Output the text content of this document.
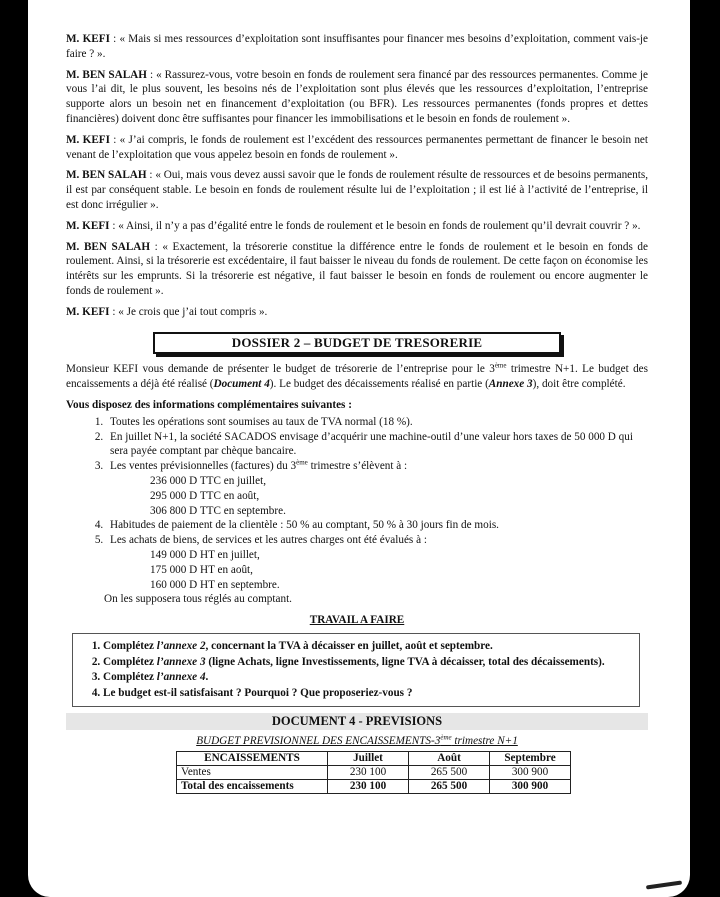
M. KEFI : « Mais si mes ressources d’exploitation sont insuffisantes pour financer mes besoins d’exploitation, comment vais-je faire ? ».

M. BEN SALAH : « Rassurez-vous, votre besoin en fonds de roulement sera financé par des ressources permanentes. Comme je vous l’ai dit, le plus souvent, les besoins nés de l’exploitation sont plus élevés que les ressources d’exploitation, l’entreprise supporte alors un besoin net en financement d’exploitation (ou BFR). Les ressources permanentes (fonds propres et dettes financières) doivent donc être suffisantes pour financer les immobilisations et le besoin en fonds de roulement ».

M. KEFI : « J’ai compris, le fonds de roulement est l’excédent des ressources permanentes permettant de financer le besoin net venant de l’exploitation que vous appelez besoin en fonds de roulement ».

M. BEN SALAH : « Oui, mais vous devez aussi savoir que le fonds de roulement résulte de ressources et de besoins permanents, il est par conséquent stable. Le besoin en fonds de roulement résulte lui de l’exploitation ; il est lié à l’activité de l’entreprise, il est donc irrégulier ».

M. KEFI : « Ainsi, il n’y a pas d’égalité entre le fonds de roulement et le besoin en fonds de roulement qu’il devrait couvrir ? ».

M. BEN SALAH : « Exactement, la trésorerie constitue la différence entre le fonds de roulement et le besoin en fonds de roulement. Ainsi, si la trésorerie est excédentaire, il faut baisser le niveau du fonds de roulement. De cette façon on économise les intérêts sur les emprunts. Si la trésorerie est négative, il faut baisser le besoin en fonds de roulement ou encore augmenter le fonds de roulement ».

M. KEFI : « Je crois que j’ai tout compris ».

DOSSIER 2 – BUDGET DE TRESORERIE

Monsieur KEFI vous demande de présenter le budget de trésorerie de l’entreprise pour le 3ème trimestre N+1. Le budget des encaissements a déjà été réalisé (Document 4). Le budget des décaissements réalisé en partie (Annexe 3), doit être complété.

Vous disposez des informations complémentaires suivantes :
1. Toutes les opérations sont soumises au taux de TVA normal (18 %).
2. En juillet N+1, la société SACADOS envisage d’acquérir une machine-outil d’une valeur hors taxes de 50 000 D qui sera payée comptant par chèque bancaire.
3. Les ventes prévisionnelles (factures) du 3ème trimestre s’élèvent à :
236 000 D TTC en juillet,
295 000 D TTC en août,
306 800 D TTC en septembre.
4. Habitudes de paiement de la clientèle : 50 % au comptant, 50 % à 30 jours fin de mois.
5. Les achats de biens, de services et les autres charges ont été évalués à :
149 000 D HT en juillet,
175 000 D HT en août,
160 000 D HT en septembre.
On les supposera tous réglés au comptant.
TRAVAIL A FAIRE
1. Complétez l’annexe 2, concernant la TVA à décaisser en juillet, août et septembre.
2. Complétez l’annexe 3 (ligne Achats, ligne Investissements, ligne TVA à décaisser, total des décaissements).
3. Complétez l’annexe 4.
4. Le budget est-il satisfaisant ? Pourquoi ? Que proposeriez-vous ?
DOCUMENT 4 - PREVISIONS
BUDGET PREVISIONNEL DES ENCAISSEMENTS-3ème trimestre N+1
ENCAISSEMENTS	Juillet	Août	Septembre
Ventes	230 100	265 500	300 900
Total des encaissements	230 100	265 500	300 900
